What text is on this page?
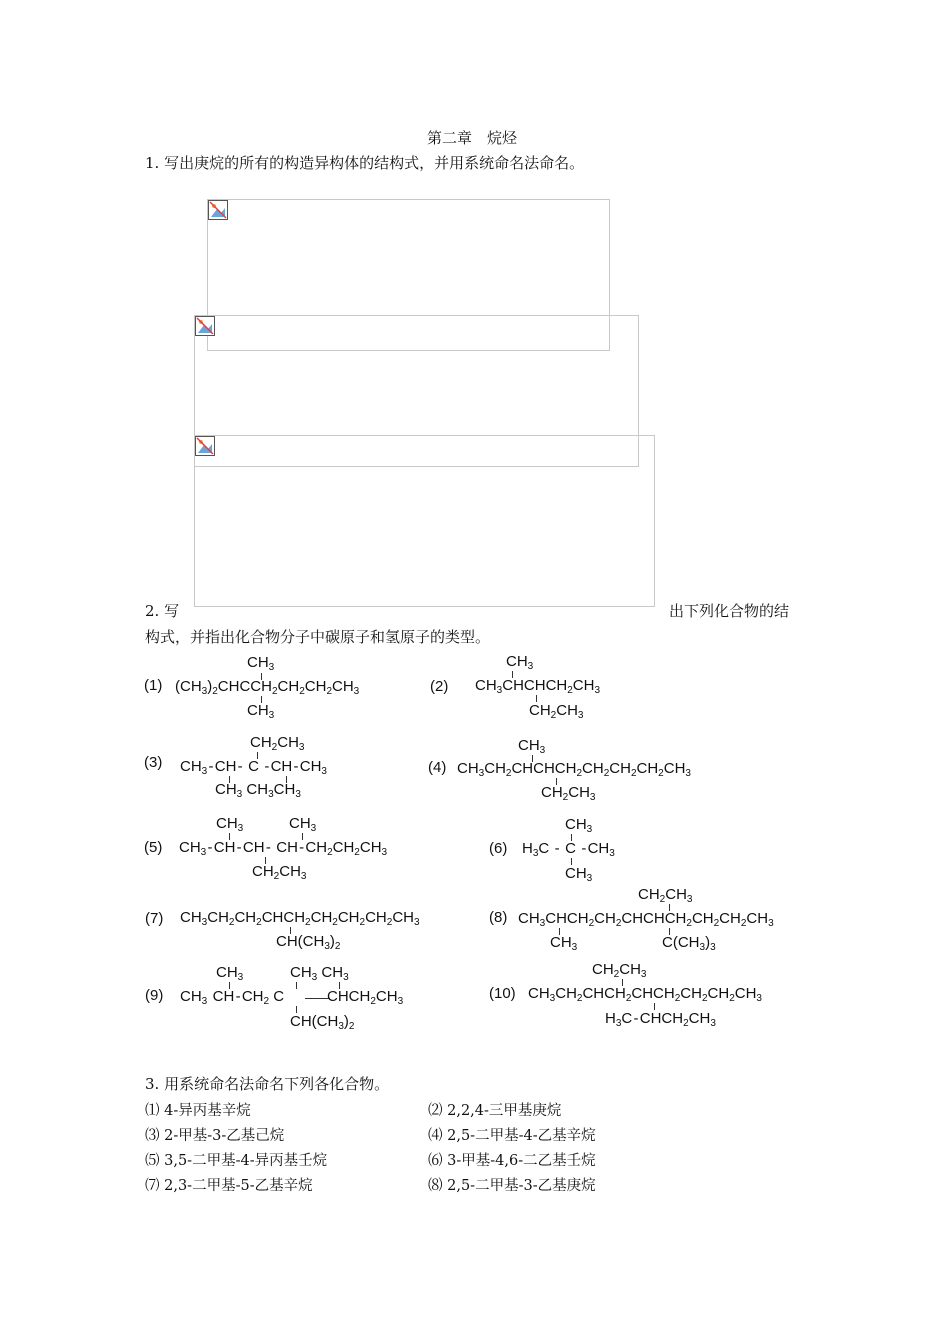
第二章　烷烃
1. 写出庚烷的所有的构造异构体的结构式，并用系统命名法命名。
2. 写	出下列化合物的结
构式，并指出化合物分子中碳原子和氢原子的类型。
(1)	(2)
(3)	(4)
(5)	(6)
(7)	(8)
(9)	(10)
$CH_3$
$(CH_3)_2CHCCH_2CH_2CH_2CH_3$
$CH_3$
$CH_3$
$CH_3CHCHCH_2CH_3$
$CH_2CH_3$
$CH_2CH_3$
$CH_3$ - CH -  C  - CH - $CH_3$
$CH_3$ $CH_3CH_3$
$CH_3$
$CH_3CH_2CHCHCH_2CH_2CH_2CH_2CH_3$
$CH_2CH_3$
$CH_3$	$CH_3$
$CH_3$ - CH - CH -  CH - $CH_2CH_2CH_3$
$CH_2CH_3$
$CH_3$
$H_3C$  -  C  - $CH_3$
$CH_3$
$CH_3CH_2CH_2CHCH_2CH_2CH_2CH_2CH_3$
$CH(CH_3)_2$
$CH_2CH_3$
$CH_3CHCH_2CH_2CHCHCH_2CH_2CH_2CH_3$
$CH_3$	$C(CH_3)_3$
$CH_3$	$CH_3$ $CH_3$
$CH_3$  CH - $CH_2$ C	$CHCH_2CH_3$
$CH(CH_3)_2$
$CH_2CH_3$
$CH_3CH_2CHCH_2CHCH_2CH_2CH_2CH_3$
$H_3C$ - $CHCH_2CH_3$
3. 用系统命名法命名下列各化合物。
⑴ 4-异丙基辛烷	⑵ 2,2,4-三甲基庚烷
⑶ 2-甲基-3-乙基己烷	⑷ 2,5-二甲基-4-乙基辛烷
⑸ 3,5-二甲基-4-异丙基壬烷	⑹ 3-甲基-4,6-二乙基壬烷
⑺ 2,3-二甲基-5-乙基辛烷	⑻ 2,5-二甲基-3-乙基庚烷
